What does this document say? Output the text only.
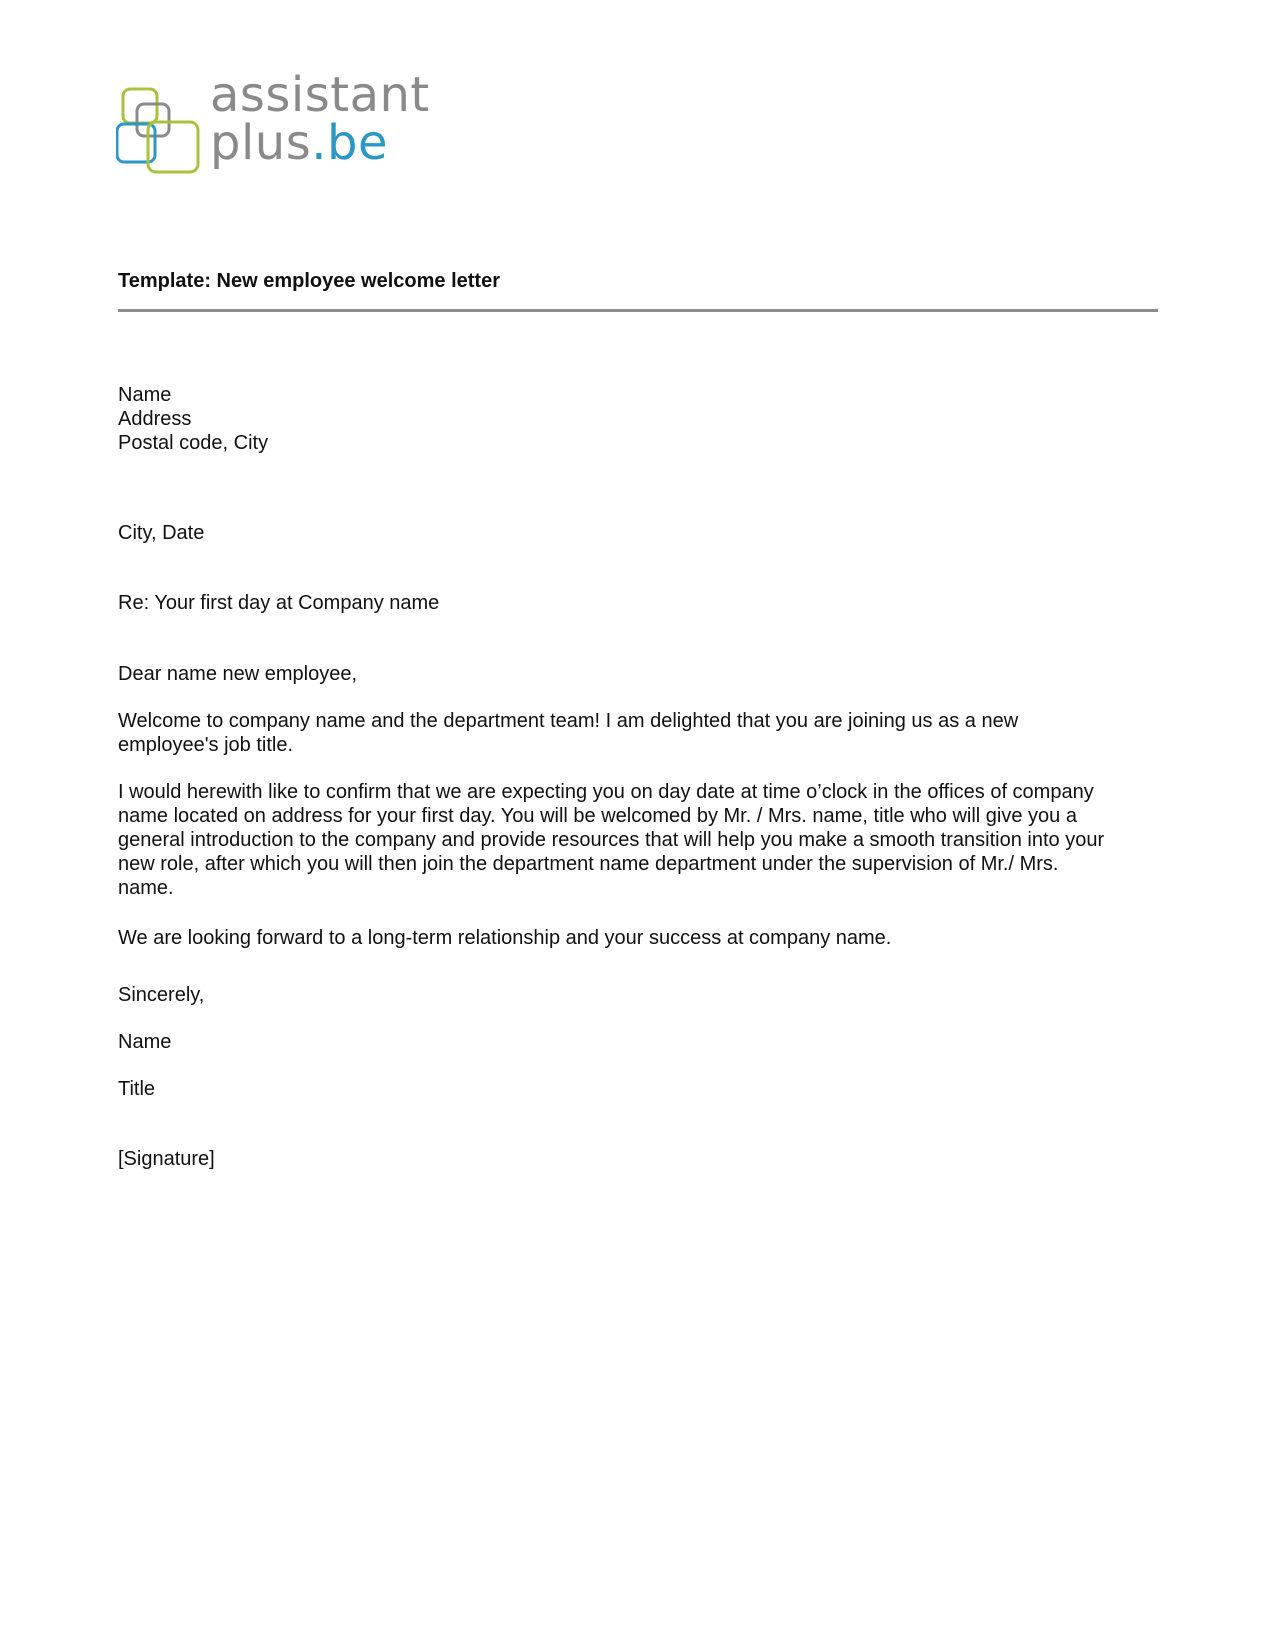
assistant
plus.be
Template: New employee welcome letter
Name
Address
Postal code, City

City, Date

Re: Your first day at Company name

Dear name new employee,

Welcome to company name and the department team! I am delighted that you are joining us as a new
employee's job title.
I would herewith like to confirm that we are expecting you on day date at time o’clock in the offices of company
name located on address for your first day. You will be welcomed by Mr. / Mrs. name, title who will give you a
general introduction to the company and provide resources that will help you make a smooth transition into your
new role, after which you will then join the department name department under the supervision of Mr./ Mrs.
name.

We are looking forward to a long-term relationship and your success at company name.

Sincerely,

Name

Title

[Signature]
